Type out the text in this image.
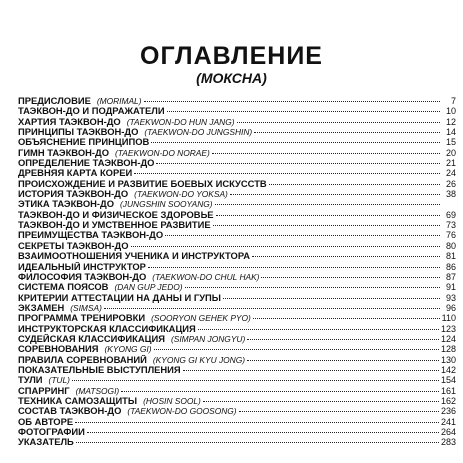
ОГЛАВЛЕНИЕ
(МОКСНА)
ПРЕДИСЛОВИЕ (MORIMAL)	7
ТАЭКВОН-ДО И ПОДРАЖАТЕЛИ	10
ХАРТИЯ ТАЭКВОН-ДО (TAEKWON-DO HUN JANG)	12
ПРИНЦИПЫ ТАЭКВОН-ДО (TAEKWON-DO JUNGSHIN)	14
ОБЪЯСНЕНИЕ ПРИНЦИПОВ	15
ГИМН ТАЭКВОН-ДО (TAEKWON-DO NORAE)	20
ОПРЕДЕЛЕНИЕ ТАЭКВОН-ДО	21
ДРЕВНЯЯ КАРТА КОРЕИ	24
ПРОИСХОЖДЕНИЕ И РАЗВИТИЕ БОЕВЫХ ИСКУССТВ	26
ИСТОРИЯ ТАЭКВОН-ДО (TAEKWON-DO YOKSA)	38
ЭТИКА ТАЭКВОН-ДО (JUNGSHIN SOOYANG)
ТАЭКВОН-ДО И ФИЗИЧЕСКОЕ ЗДОРОВЬЕ	69
ТАЭКВОН-ДО И УМСТВЕННОЕ РАЗВИТИЕ	73
ПРЕИМУЩЕСТВА ТАЭКВОН-ДО	76
СЕКРЕТЫ ТАЭКВОН-ДО	80
ВЗАИМООТНОШЕНИЯ УЧЕНИКА И ИНСТРУКТОРА	81
ИДЕАЛЬНЫЙ ИНСТРУКТОР	86
ФИЛОСОФИЯ ТАЭКВОН-ДО (TAEKWON-DO CHUL HAK)	87
СИСТЕМА ПОЯСОВ (DAN GUP JEDO)	91
КРИТЕРИИ АТТЕСТАЦИИ НА ДАНЫ И ГУПЫ	93
ЭКЗАМЕН (SIMSA)	96
ПРОГРАММА ТРЕНИРОВКИ (SOORYON GEHEK PYO)	110
ИНСТРУКТОРСКАЯ КЛАССИФИКАЦИЯ	123
СУДЕЙСКАЯ КЛАССИФИКАЦИЯ (SIMPAN JONGYU)	124
СОРЕВНОВАНИЯ (KYONG GI)	128
ПРАВИЛА СОРЕВНОВАНИЙ (KYONG GI KYU JONG)	130
ПОКАЗАТЕЛЬНЫЕ ВЫСТУПЛЕНИЯ	142
ТУЛИ (TUL)	154
СПАРРИНГ (MATSOGI)	161
ТЕХНИКА САМОЗАЩИТЫ (HOSIN SOOL)	162
СОСТАВ ТАЭКВОН-ДО (TAEKWON-DO GOOSONG)	236
ОБ АВТОРЕ	241
ФОТОГРАФИИ	264
УКАЗАТЕЛЬ	283
